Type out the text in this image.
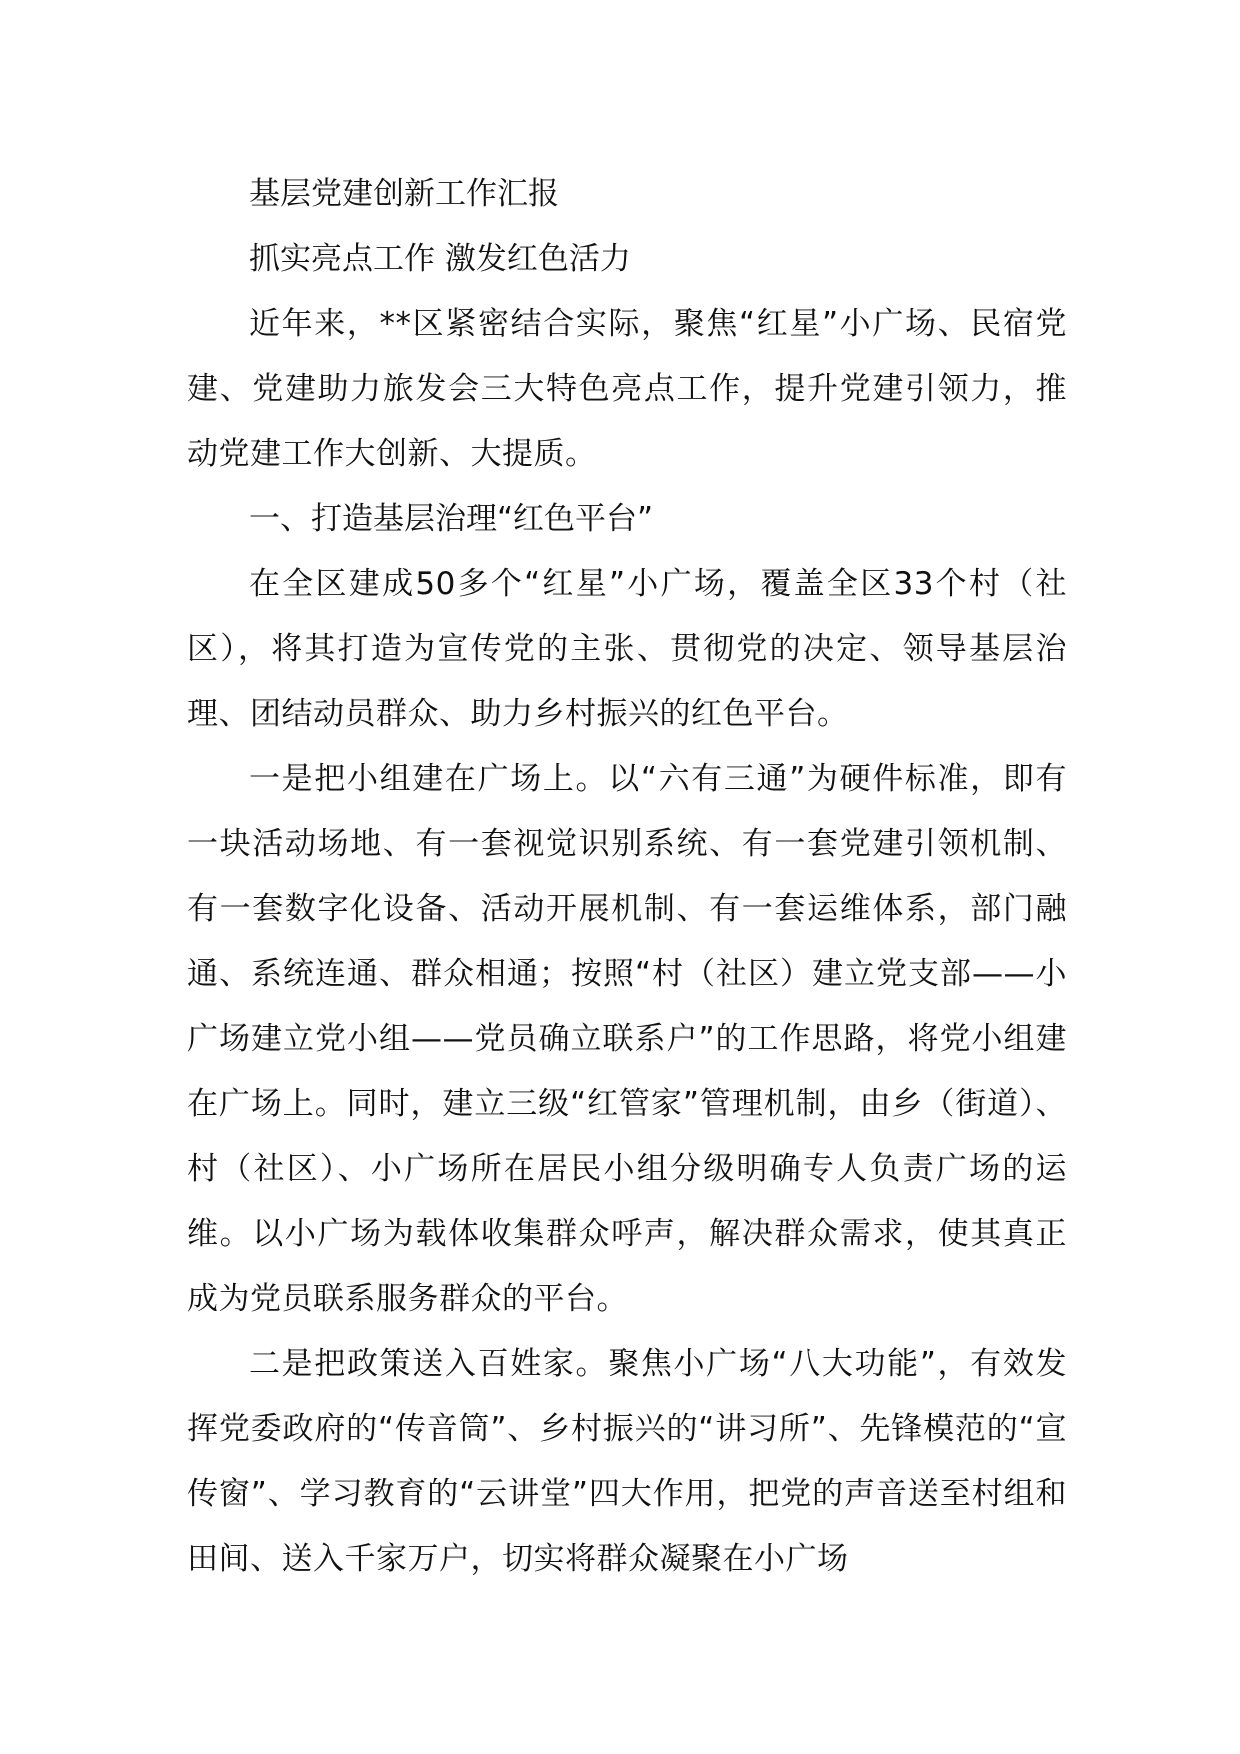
基层党建创新工作汇报

抓实亮点工作 激发红色活力

近年来，**区紧密结合实际，聚焦“红星”小广场、民宿党建、党建助力旅发会三大特色亮点工作，提升党建引领力，推动党建工作大创新、大提质。

一、打造基层治理“红色平台”

在全区建成50多个“红星”小广场，覆盖全区33个村（社区），将其打造为宣传党的主张、贯彻党的决定、领导基层治理、团结动员群众、助力乡村振兴的红色平台。

一是把小组建在广场上。以“六有三通”为硬件标准，即有一块活动场地、有一套视觉识别系统、有一套党建引领机制、有一套数字化设备、活动开展机制、有一套运维体系，部门融通、系统连通、群众相通；按照“村（社区）建立党支部——小广场建立党小组——党员确立联系户”的工作思路，将党小组建在广场上。同时，建立三级“红管家”管理机制，由乡（街道）、村（社区）、小广场所在居民小组分级明确专人负责广场的运维。以小广场为载体收集群众呼声，解决群众需求，使其真正成为党员联系服务群众的平台。

二是把政策送入百姓家。聚焦小广场“八大功能”，有效发挥党委政府的“传音筒”、乡村振兴的“讲习所”、先锋模范的“宣传窗”、学习教育的“云讲堂”四大作用，把党的声音送至村组和田间、送入千家万户，切实将群众凝聚在小广场
